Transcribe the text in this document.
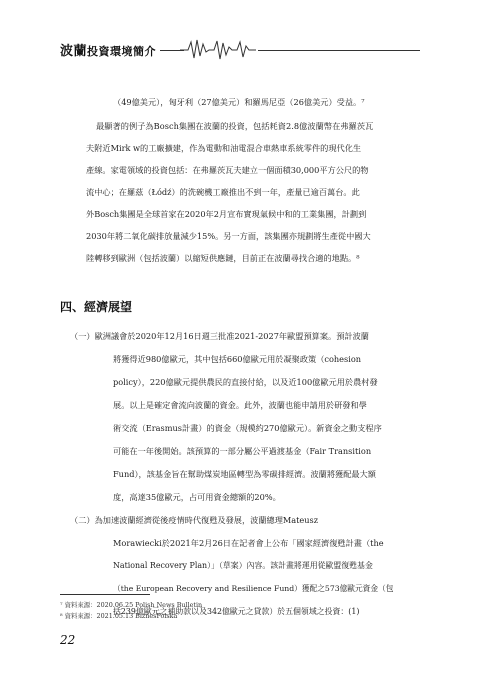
波蘭投資環境簡介
（49億美元），匈牙利（27億美元）和羅馬尼亞（26億美元）受益。⁷
最顯著的例子為Bosch集團在波蘭的投資，包括耗資2.8億波蘭幣在弗羅茨瓦
夫附近Mirk w的工廠擴建，作為電動和油電混合車熱車系統零件的現代化生
產線。家電領域的投資包括：在弗羅茨瓦夫建立一個面積30,000平方公尺的物
流中心；在羅茲（Łódź）的洗碗機工廠推出不到一年，產量已逾百萬台。此
外Bosch集團是全球首家在2020年2月宣布實現氣候中和的工業集團，計劃到
2030年將二氧化碳排放量減少15%。另一方面，該集團亦規劃將生產從中國大
陸轉移到歐洲（包括波蘭）以縮短供應鏈，目前正在波蘭尋找合適的地點。⁸
四、經濟展望
（一）歐洲議會於2020年12月16日週三批准2021-2027年歐盟預算案。預計波蘭
將獲得近980億歐元，其中包括660億歐元用於凝聚政策（cohesion
policy），220億歐元提供農民的直接付給，以及近100億歐元用於農村發
展。以上是確定會流向波蘭的資金。此外，波蘭也能申請用於研發和學
術交流（Erasmus計畫）的資金（規模約270億歐元）。新資金之動支程序
可能在一年後開始。該預算的一部分屬公平過渡基金（Fair Transition
Fund），該基金旨在幫助煤炭地區轉型為零碳排經濟。波蘭將獲配最大額
度，高達35億歐元，占可用資金總額的20%。
（二）為加速波蘭經濟從後疫情時代復甦及發展，波蘭總理Mateusz
Morawiecki於2021年2月26日在記者會上公布「國家經濟復甦計畫（the
National Recovery Plan）」（草案）內容。該計畫將運用從歐盟復甦基金
（the European Recovery and Resilience Fund）獲配之573億歐元資金（包
括239億歐元之補助款以及342億歐元之貸款）於五個領域之投資：(1)
⁷ 資料來源：2020.06.25 Polish News Bulletin
⁸ 資料來源：2021.05.13 BiznesPolska
22
